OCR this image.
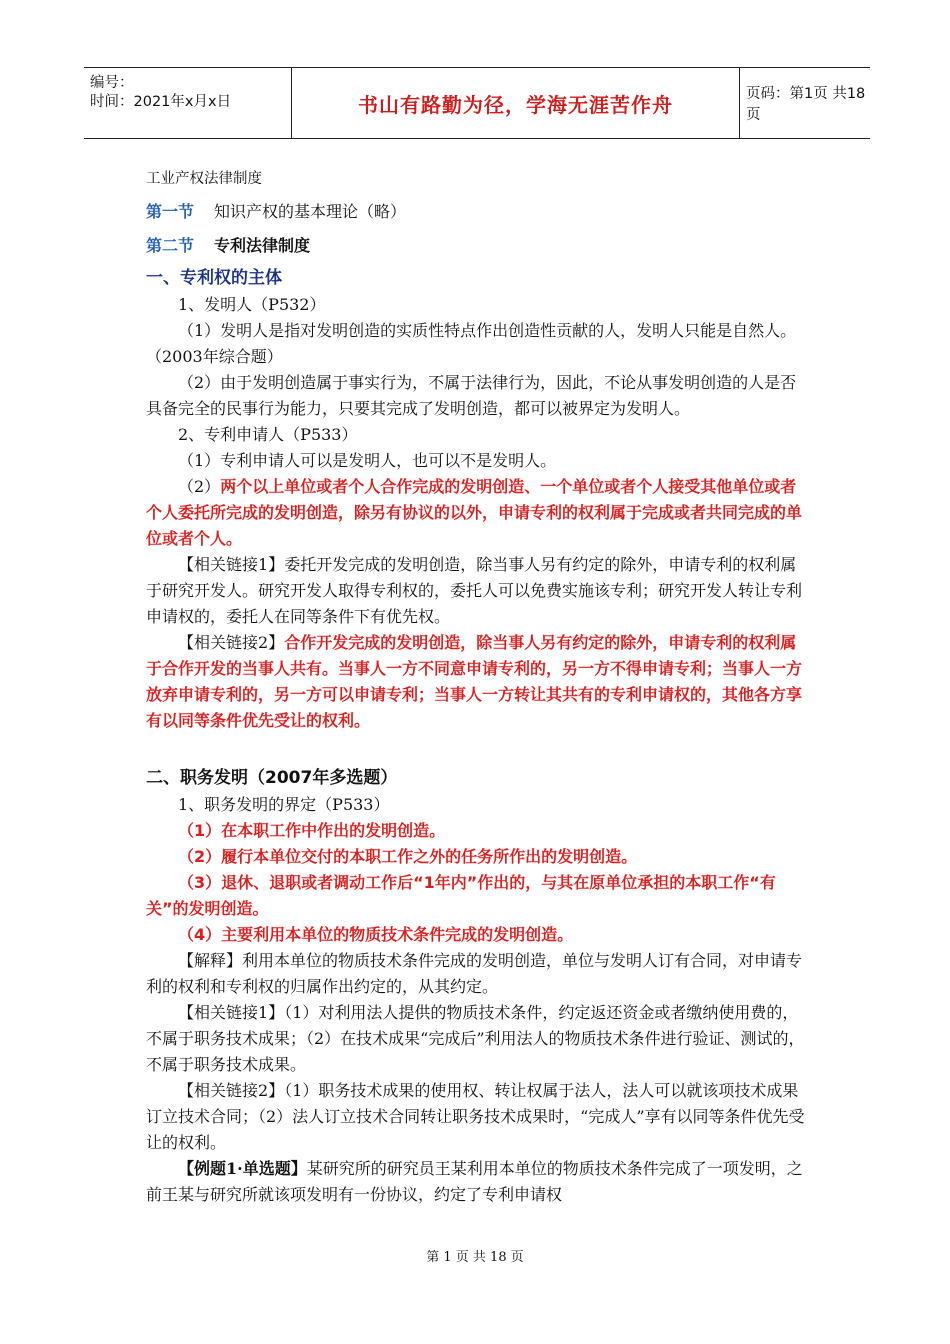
编号：
时间：2021年x月x日	书山有路勤为径，学海无涯苦作舟	页码：第1页 共18页

工业产权法律制度

第一节 知识产权的基本理论（略）

第二节 专利法律制度

一、专利权的主体

1、发明人（P532）

（1）发明人是指对发明创造的实质性特点作出创造性贡献的人，发明人只能是自然人。（2003年综合题）

（2）由于发明创造属于事实行为，不属于法律行为，因此，不论从事发明创造的人是否具备完全的民事行为能力，只要其完成了发明创造，都可以被界定为发明人。

2、专利申请人（P533）

（1）专利申请人可以是发明人，也可以不是发明人。

（2）两个以上单位或者个人合作完成的发明创造、一个单位或者个人接受其他单位或者个人委托所完成的发明创造，除另有协议的以外，申请专利的权利属于完成或者共同完成的单位或者个人。

【相关链接1】委托开发完成的发明创造，除当事人另有约定的除外，申请专利的权利属于研究开发人。研究开发人取得专利权的，委托人可以免费实施该专利；研究开发人转让专利申请权的，委托人在同等条件下有优先权。

【相关链接2】合作开发完成的发明创造，除当事人另有约定的除外，申请专利的权利属于合作开发的当事人共有。当事人一方不同意申请专利的，另一方不得申请专利；当事人一方放弃申请专利的，另一方可以申请专利；当事人一方转让其共有的专利申请权的，其他各方享有以同等条件优先受让的权利。

二、职务发明（2007年多选题）

1、职务发明的界定（P533）

（1）在本职工作中作出的发明创造。

（2）履行本单位交付的本职工作之外的任务所作出的发明创造。

（3）退休、退职或者调动工作后“1年内”作出的，与其在原单位承担的本职工作“有关”的发明创造。

（4）主要利用本单位的物质技术条件完成的发明创造。

【解释】利用本单位的物质技术条件完成的发明创造，单位与发明人订有合同，对申请专利的权利和专利权的归属作出约定的，从其约定。

【相关链接1】（1）对利用法人提供的物质技术条件，约定返还资金或者缴纳使用费的，不属于职务技术成果；（2）在技术成果“完成后”利用法人的物质技术条件进行验证、测试的，不属于职务技术成果。

【相关链接2】（1）职务技术成果的使用权、转让权属于法人，法人可以就该项技术成果订立技术合同；（2）法人订立技术合同转让职务技术成果时，“完成人”享有以同等条件优先受让的权利。

【例题1·单选题】某研究所的研究员王某利用本单位的物质技术条件完成了一项发明，之前王某与研究所就该项发明有一份协议，约定了专利申请权

第 1 页 共 18 页
